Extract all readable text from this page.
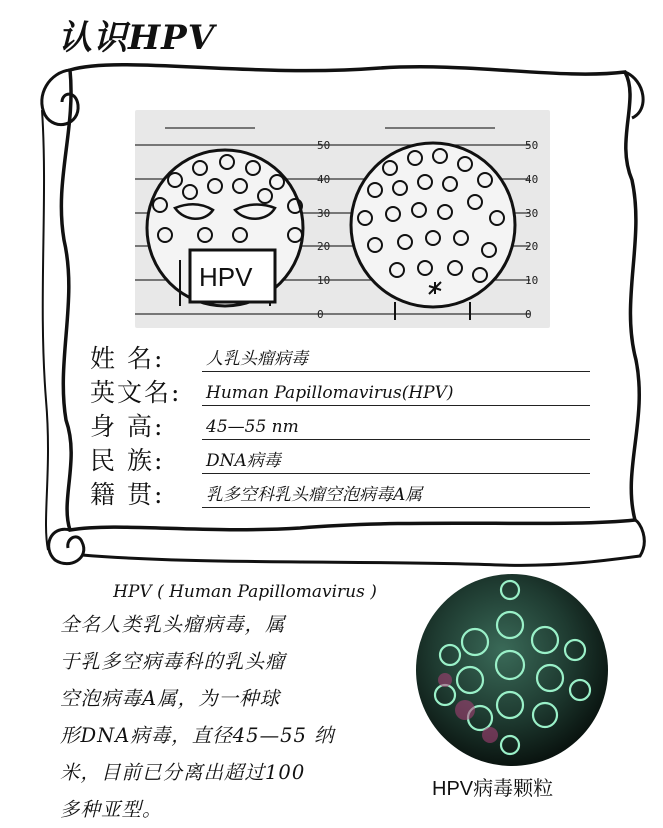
认识HPV
50
40
30
20
10
0
50
40
30
20
10
0
HPV
姓 名:	人乳头瘤病毒
英文名:	Human Papillomavirus(HPV)
身 高:	45—55 nm
民 族:	DNA病毒
籍 贯:	乳多空科乳头瘤空泡病毒A属
HPV ( Human Papillomavirus )
全名人类乳头瘤病毒，属
于乳多空病毒科的乳头瘤
空泡病毒A属，为一种球
形DNA病毒，直径45—55 纳
米，目前已分离出超过100
多种亚型。
HPV病毒颗粒
